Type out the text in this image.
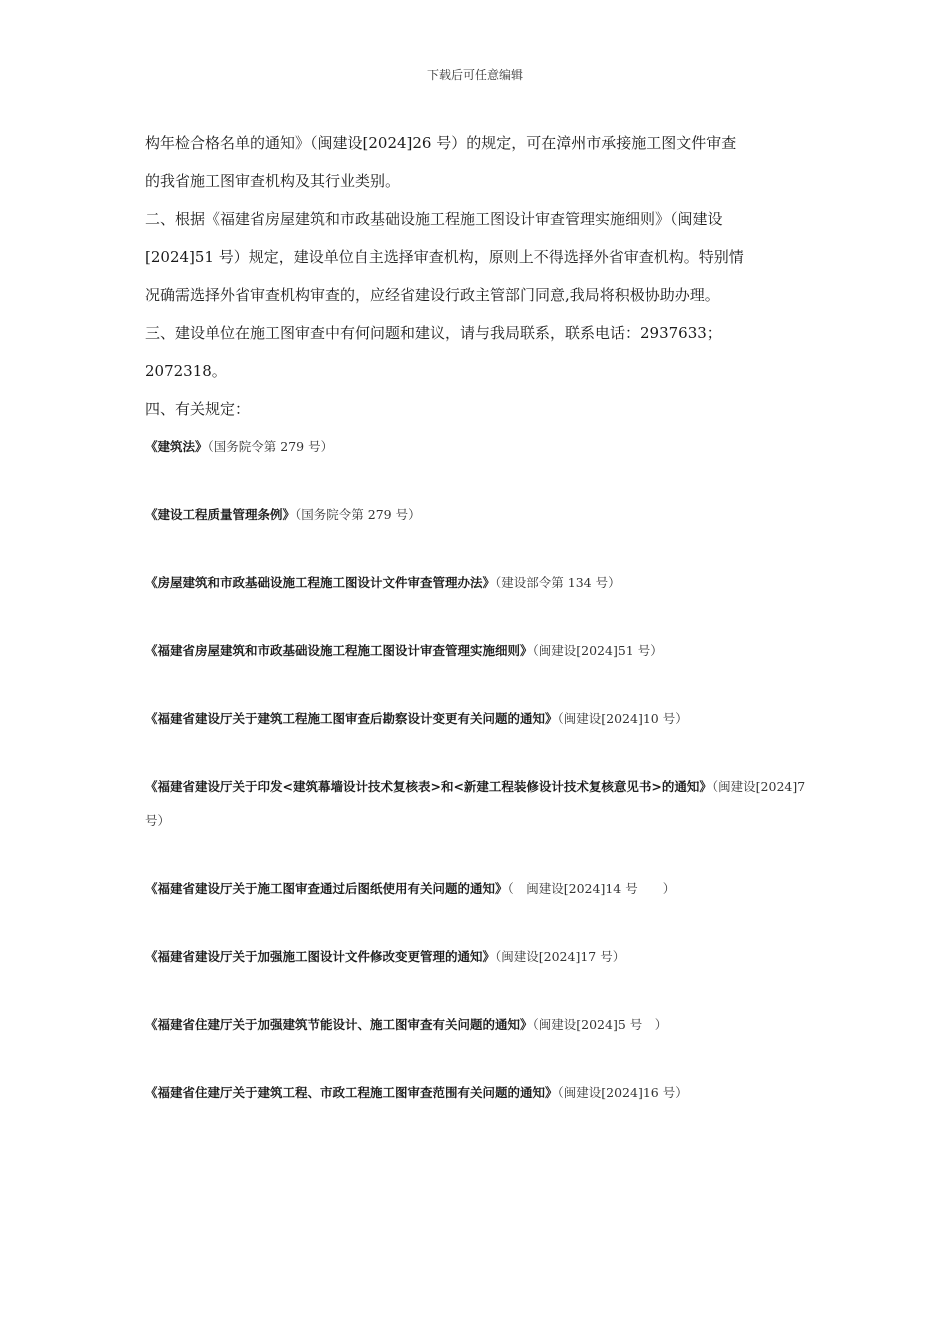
下载后可任意编辑

构年检合格名单的通知》（闽建设[2024]26 号）的规定，可在漳州市承接施工图文件审查

的我省施工图审查机构及其行业类别。

二、根据《福建省房屋建筑和市政基础设施工程施工图设计审查管理实施细则》（闽建设

[2024]51 号）规定，建设单位自主选择审查机构，原则上不得选择外省审查机构。特别情

况确需选择外省审查机构审查的，应经省建设行政主管部门同意,我局将积极协助办理。

三、建设单位在施工图审查中有何问题和建议，请与我局联系，联系电话：2937633；

2072318。

四、有关规定：

《建筑法》（国务院令第 279 号）

《建设工程质量管理条例》（国务院令第 279 号）

《房屋建筑和市政基础设施工程施工图设计文件审查管理办法》（建设部令第 134 号）

《福建省房屋建筑和市政基础设施工程施工图设计审查管理实施细则》（闽建设[2024]51 号）

《福建省建设厅关于建筑工程施工图审查后勘察设计变更有关问题的通知》（闽建设[2024]10 号）

《福建省建设厅关于印发<建筑幕墙设计技术复核表>和<新建工程装修设计技术复核意见书>的通知》（闽建设[2024]7 号）

《福建省建设厅关于施工图审查通过后图纸使用有关问题的通知》（　闽建设[2024]14 号　　）

《福建省建设厅关于加强施工图设计文件修改变更管理的通知》（闽建设[2024]17 号）

《福建省住建厅关于加强建筑节能设计、施工图审查有关问题的通知》（闽建设[2024]5 号　）

《福建省住建厅关于建筑工程、市政工程施工图审查范围有关问题的通知》（闽建设[2024]16 号）
